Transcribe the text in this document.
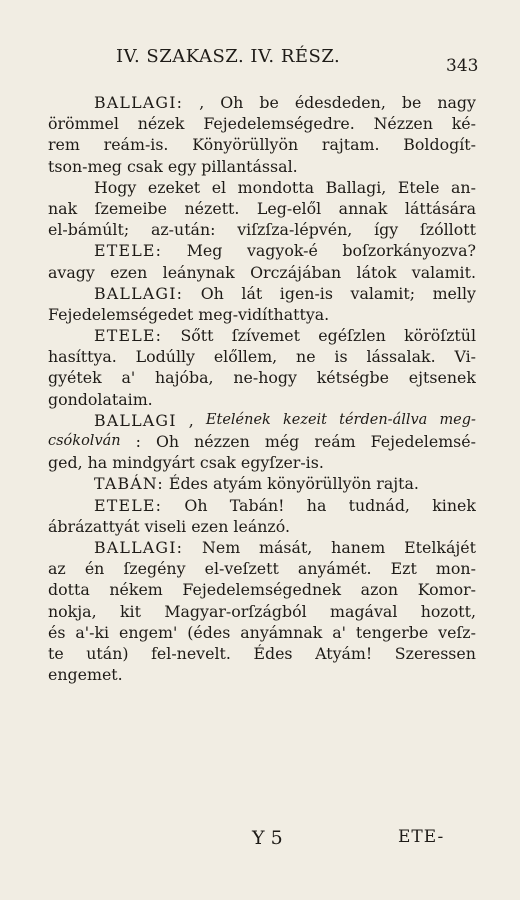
IV. SZAKASZ. IV. RÉSZ.	343
BALLAGI: , Oh be édesdeden, be nagy
örömmel nézek Fejedelemségedre. Nézzen ké-
rem reám-is. Könyörüllyön rajtam. Boldogít-
tson-meg csak egy pillantással.
Hogy ezeket el mondotta Ballagi, Etele an-
nak ſzemeibe nézett. Leg-elől annak láttására
el-bámúlt; az-után: viſzſza-lépvén, így ſzóllott
ETELE: Meg vagyok-é boſzorkányozva?
avagy ezen leánynak Orczájában látok valamit.
BALLAGI: Oh lát igen-is valamit; melly
Fejedelemségedet meg-vidíthattya.
ETELE: Sőtt ſzívemet egéſzlen köröſztül
hasíttya. Lodúlly előllem, ne is lássalak. Vi-
gyétek a' hajóba, ne-hogy kétségbe ejtsenek
gondolataim.
BALLAGI , Etelének kezeit térden-állva meg-
csókolván : Oh nézzen még reám Fejedelemsé-
ged, ha mindgyárt csak egyſzer-is.
TABÁN: Édes atyám könyörüllyön rajta.
ETELE: Oh Tabán! ha tudnád, kinek
ábrázattyát viseli ezen leánzó.
BALLAGI: Nem mását, hanem Etelkájét
az én ſzegény el-veſzett anyámét. Ezt mon-
dotta nékem Fejedelemségednek azon Komor-
nokja, kit Magyar-orſzágból magával hozott,
és a'-ki engem' (édes anyámnak a' tengerbe veſz-
te után) fel-nevelt. Édes Atyám! Szeressen
engemet.
Y 5	ETE-
